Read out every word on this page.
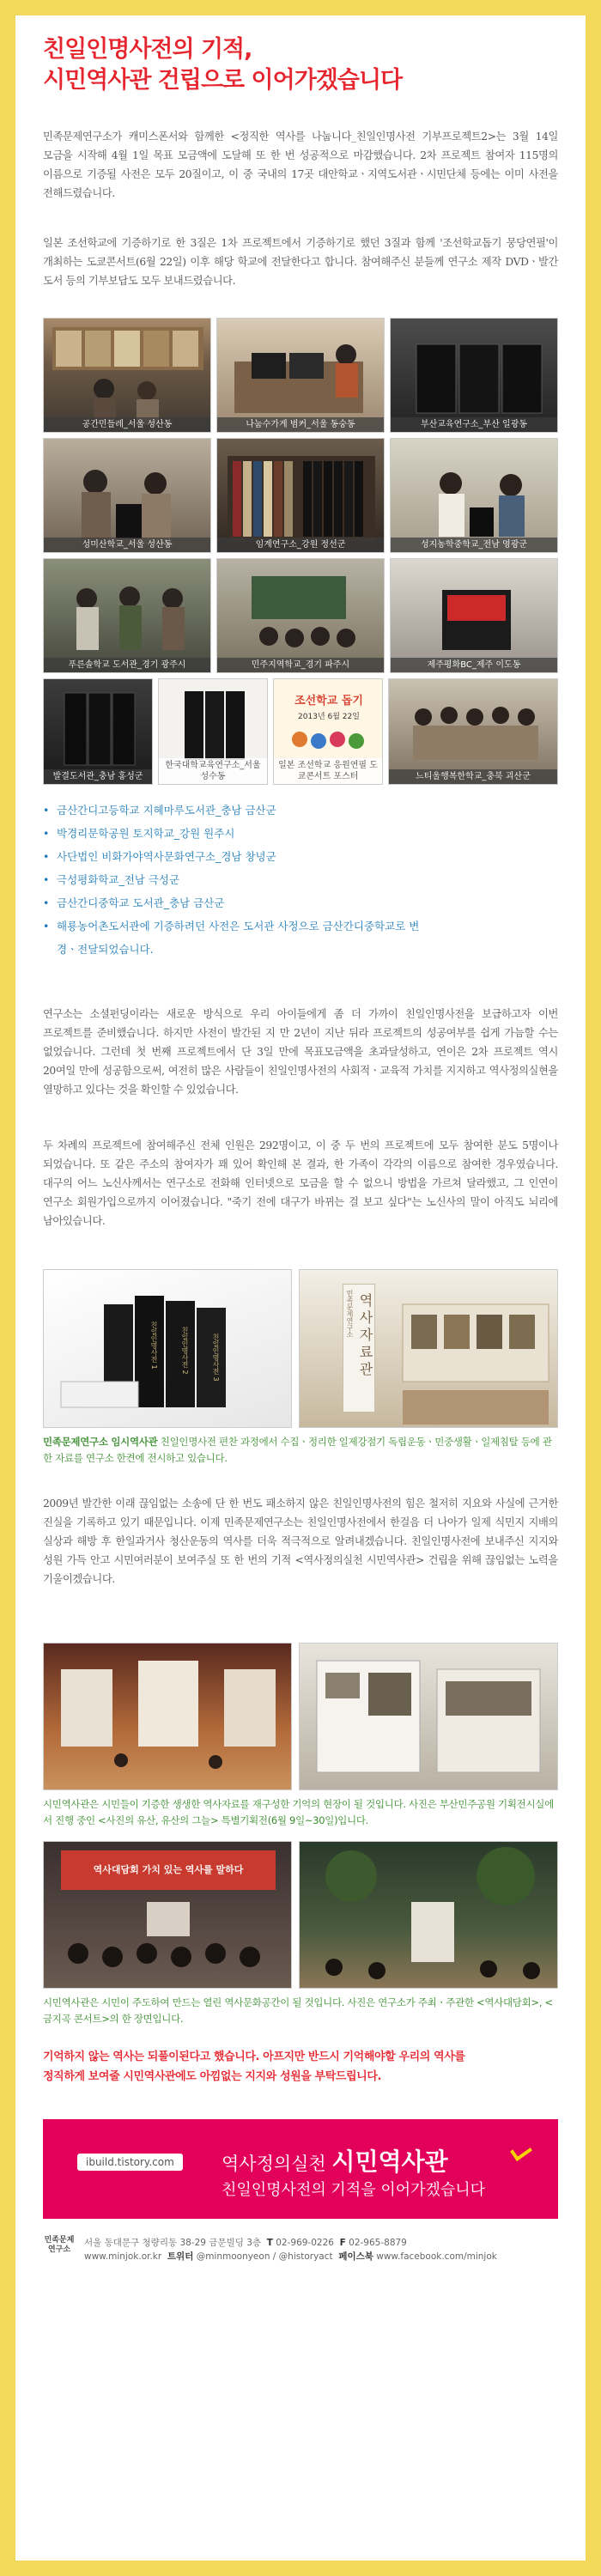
친일인명사전의 기적,
시민역사관 건립으로 이어가겠습니다

민족문제연구소가 캐미스폰서와 함께한 <정직한 역사를 나눕니다_친일인명사전 기부프로젝트2>는 3월 14일 모금을 시작해 4월 1일 목표 모금액에 도달해 또 한 번 성공적으로 마감했습니다. 2차 프로젝트 참여자 115명의 이름으로 기증될 사전은 모두 20질이고, 이 중 국내의 17곳 대안학교ㆍ지역도서관ㆍ시민단체 등에는 이미 사전을 전해드렸습니다.

일본 조선학교에 기증하기로 한 3질은 1차 프로젝트에서 기증하기로 했던 3질과 함께 '조선학교돕기 뭉당연필'이 개최하는 도쿄콘서트(6월 22일) 이후 해당 학교에 전달한다고 합니다. 참여해주신 분들께 연구소 제작 DVDㆍ발간 도서 등의 기부보답도 모두 보내드렸습니다.

공간민들레_서울 성산동	나눔수가게 범커_서울 동숭동	부산교육연구소_부산 일광동
성미산학교_서울 성산동	임계연구소_강원 정선군	성지농학중학교_전남 영광군
푸른솔학교 도서관_경기 광주시	민주지역학교_경기 파주시	제주평화BC_제주 이도동
발결도서관_충남 홍성군
한국대학교육연구소_서울 성수동
조선학교 돕기
2013년 6월 22일
일본 조선학교 응원연필 도쿄콘서트 포스터	느티울행복한학교_충북 괴산군
• 금산간디고등학교 지혜마루도서관_충남 금산군
• 박경리문학공원 토지학교_강원 원주시
• 사단법인 비화가야역사문화연구소_경남 창녕군
• 극성평화학교_전남 극성군
• 금산간디중학교 도서관_충남 금산군
• 해룡농어촌도서관에 기증하려던 사전은 도서관 사정으로 금산간디중학교로 변경ㆍ전달되었습니다.

연구소는 소셜펀딩이라는 새로운 방식으로 우리 아이들에게 좀 더 가까이 친일인명사전을 보급하고자 이번 프로젝트를 준비했습니다. 하지만 사전이 발간된 지 만 2년이 지난 뒤라 프로젝트의 성공여부를 쉽게 가늠할 수는 없었습니다. 그런데 첫 번째 프로젝트에서 단 3일 만에 목표모금액을 초과달성하고, 연이은 2차 프로젝트 역시 20여일 만에 성공함으로써, 여전히 많은 사람들이 친일인명사전의 사회적ㆍ교육적 가치를 지지하고 역사정의실현을 열망하고 있다는 것을 확인할 수 있었습니다.

두 차례의 프로젝트에 참여해주신 전체 인원은 292명이고, 이 중 두 번의 프로젝트에 모두 참여한 분도 5명이나 되었습니다. 또 같은 주소의 참여자가 꽤 있어 확인해 본 결과, 한 가족이 각각의 이름으로 참여한 경우였습니다. 대구의 어느 노신사께서는 연구소로 전화해 인터넷으로 모금을 할 수 없으니 방법을 가르쳐 달라했고, 그 인연이 연구소 회원가입으로까지 이어졌습니다. "죽기 전에 대구가 바뀌는 걸 보고 싶다"는 노신사의 말이 아직도 뇌리에 남아있습니다.

친일인명사전 1	친일인명사전 2	친일인명사전 3
민족문제연구소 역사자료관
민족문제연구소 임시역사관 친일인명사전 편찬 과정에서 수집ㆍ정리한 일제강점기 독립운동ㆍ민중생활ㆍ일제침탈 등에 관한 자료를 연구소 한켠에 전시하고 있습니다.

2009년 발간한 이래 끊임없는 소송에 단 한 번도 패소하지 않은 친일인명사전의 힘은 철저히 지요와 사실에 근거한 진실을 기록하고 있기 때문입니다. 이제 민족문제연구소는 친일인명사전에서 한걸음 더 나아가 일제 식민지 지배의 실상과 해방 후 한일과거사 청산운동의 역사를 더욱 적극적으로 알려내겠습니다. 친일인명사전에 보내주신 지지와 성원 가득 안고 시민여러분이 보여주실 또 한 번의 기적 <역사정의실천 시민역사관> 건립을 위해 끊임없는 노력을 기울이겠습니다.

시민역사관은 시민들이 기증한 생생한 역사자료를 재구성한 기억의 현장이 될 것입니다. 사진은 부산민주공원 기획전시실에서 진행 중인 <사진의 유산, 유산의 그늘> 특별기획전(6월 9일~30일)입니다.

역사대담회 가치 있는 역사를 말하다

시민역사관은 시민이 주도하여 만드는 열린 역사문화공간이 될 것입니다. 사진은 연구소가 주최ㆍ주관한 <역사대담회>, <금지곡 콘서트>의 한 장면입니다.

기억하지 않는 역사는 되풀이된다고 했습니다. 아프지만 반드시 기억해야할 우리의 역사를
정직하게 보여줄 시민역사관에도 아낌없는 지지와 성원을 부탁드립니다.
ibuild.tistory.com	역사정의실천 시민역사관
친일인명사전의 기적을 이어가겠습니다
민족문제연구소
서울 동대문구 청량리동 38-29 금문빌딩 3층 T 02-969-0226 F 02-965-8879
www.minjok.or.kr 트위터 @minmoonyeon / @historyact 페이스북 www.facebook.com/minjok
